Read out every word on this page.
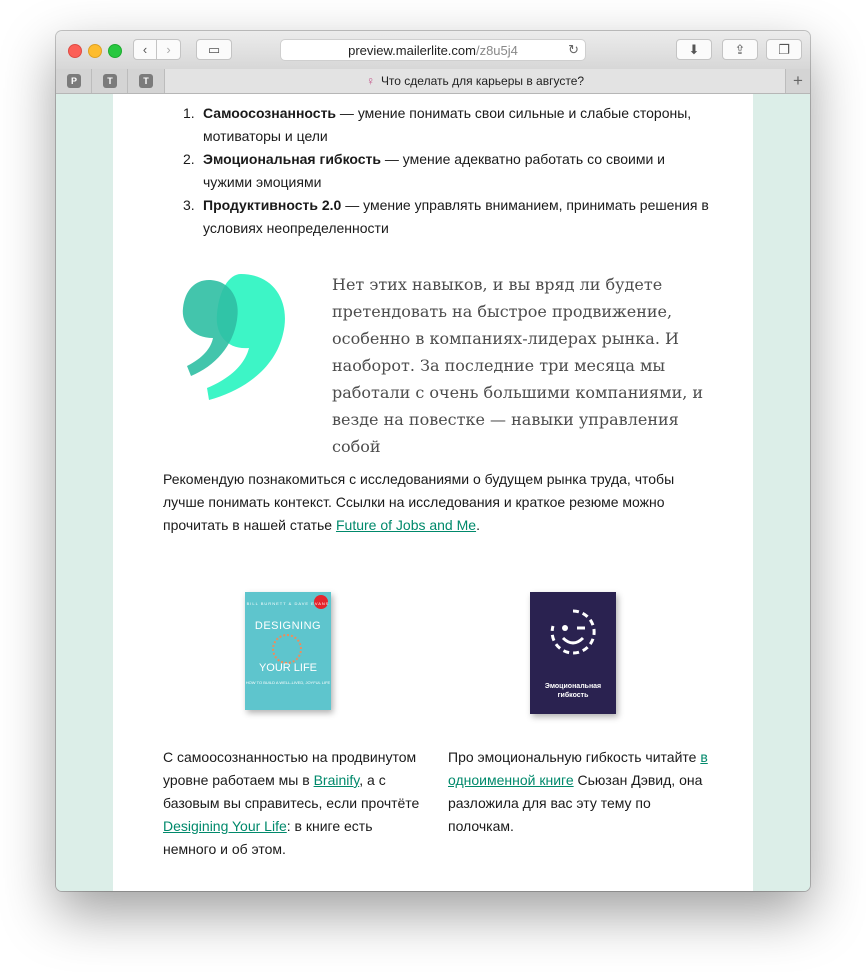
‹ ›	▭	preview.mailerlite.com /z8u5j4	↻	⬇	⇪	❐
P	T	T	♀ Что сделать для карьеры в августе?	+
1. Самоосознанность — умение понимать свои сильные и слабые стороны, мотиваторы и цели
2. Эмоциональная гибкость — умение адекватно работать со своими и чужими эмоциями
3. Продуктивность 2.0 — умение управлять вниманием, принимать решения в условиях неопределенности
Нет этих навыков, и вы вряд ли будете претендовать на быстрое продвижение, особенно в компаниях-лидерах рынка. И наоборот. За последние три месяца мы работали с очень большими компаниями, и везде на повестке — навыки управления собой
Рекомендую познакомиться с исследованиями о будущем рынка труда, чтобы лучше понимать контекст. Ссылки на исследования и краткое резюме можно прочитать в нашей статье Future of Jobs and Me.
BILL BURNETT & DAVE EVANS
DESIGNING
YOUR LIFE
HOW TO BUILD A WELL-LIVED, JOYFUL LIFE
Эмоциональная гибкость
С самоосознанностью на продвинутом уровне работаем мы в Brainify, а с базовым вы справитесь, если прочтёте Desigining Your Life: в книге есть немного и об этом.
Про эмоциональную гибкость читайте в одноименной книге Сьюзан Дэвид, она разложила для вас эту тему по полочкам.
